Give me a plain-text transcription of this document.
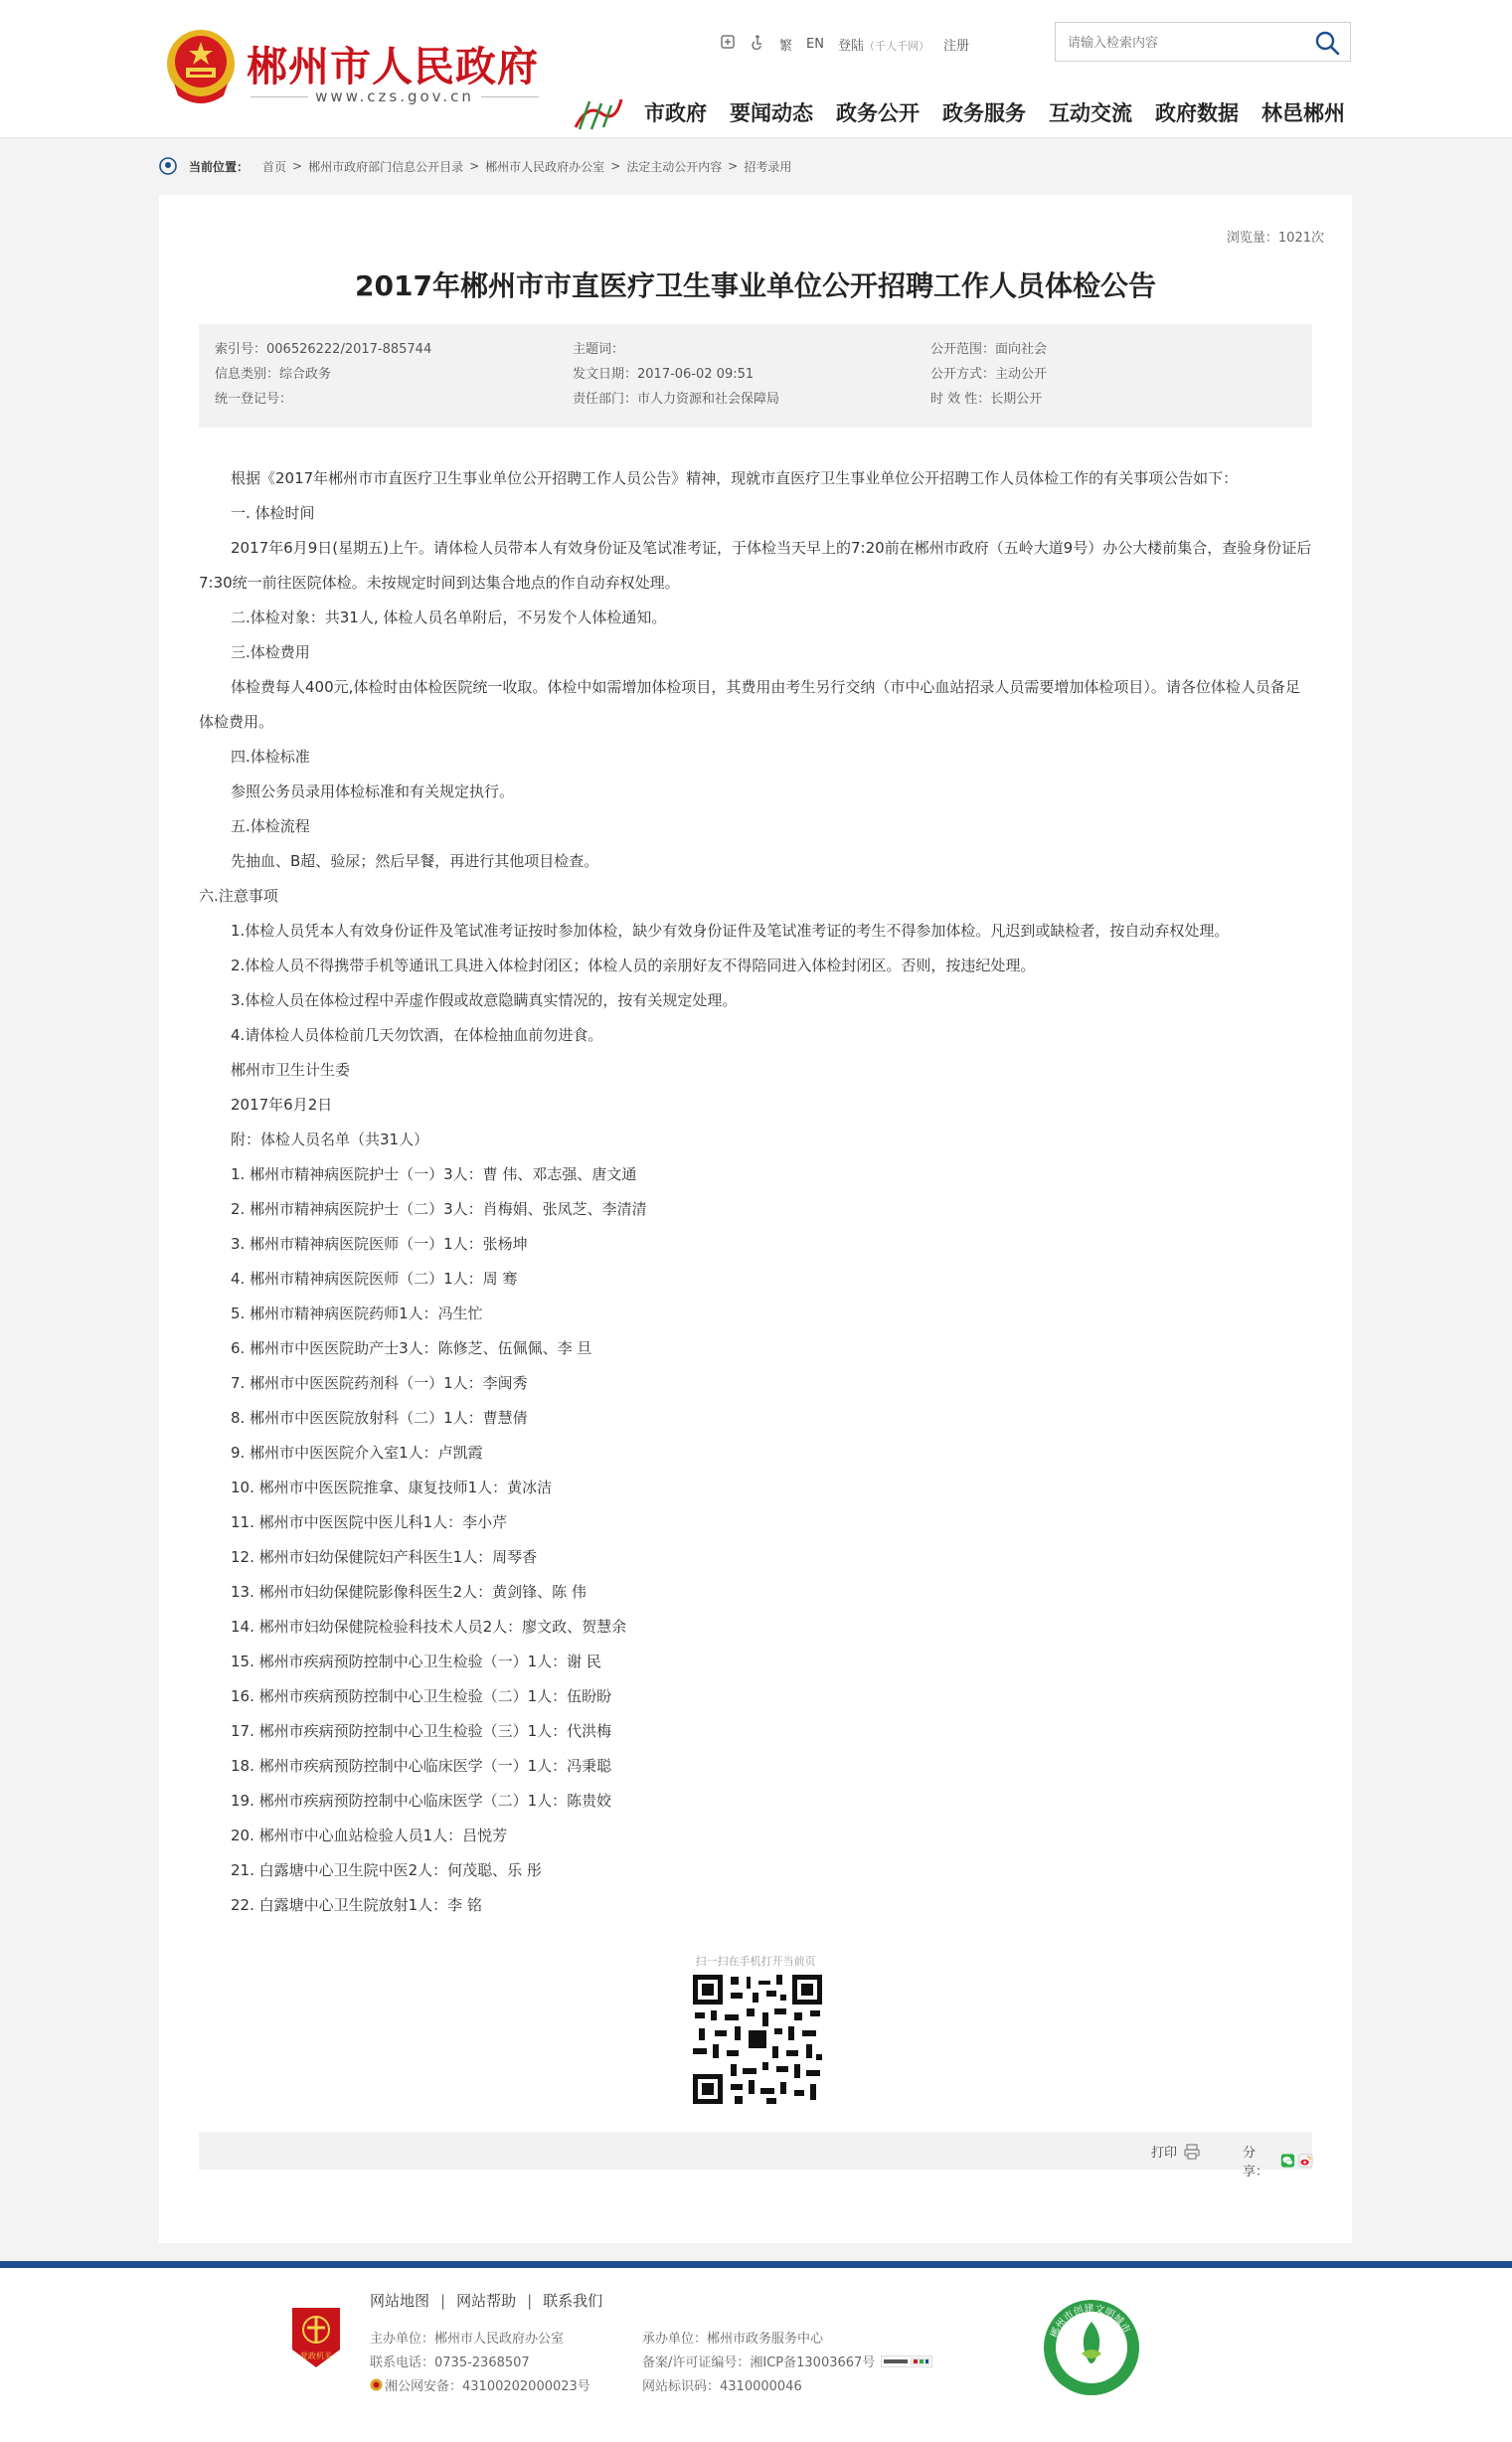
郴州市人民政府
www.czs.gov.cn
繁 EN 登陆（千人千网） 注册
请输入检索内容
市政府 要闻动态 政务公开 政务服务 互动交流 政府数据 林邑郴州
当前位置： 首页 > 郴州市政府部门信息公开目录 > 郴州市人民政府办公室 > 法定主动公开内容 > 招考录用
浏览量：1021次
2017年郴州市市直医疗卫生事业单位公开招聘工作人员体检公告
索引号：006526222/2017-885744
信息类别：综合政务
统一登记号：
主题词：
发文日期：2017-06-02 09:51
责任部门：市人力资源和社会保障局
公开范围：面向社会
公开方式：主动公开
时 效 性：长期公开

根据《2017年郴州市市直医疗卫生事业单位公开招聘工作人员公告》精神，现就市直医疗卫生事业单位公开招聘工作人员体检工作的有关事项公告如下：

一. 体检时间

2017年6月9日(星期五)上午。请体检人员带本人有效身份证及笔试准考证，于体检当天早上的7:20前在郴州市政府（五岭大道9号）办公大楼前集合，查验身份证后7:30统一前往医院体检。未按规定时间到达集合地点的作自动弃权处理。

二.体检对象：共31人, 体检人员名单附后，不另发个人体检通知。

三.体检费用

体检费每人400元,体检时由体检医院统一收取。体检中如需增加体检项目，其费用由考生另行交纳（市中心血站招录人员需要增加体检项目）。请各位体检人员备足体检费用。

四.体检标准

参照公务员录用体检标准和有关规定执行。

五.体检流程

先抽血、B超、验尿；然后早餐，再进行其他项目检查。

六.注意事项

1.体检人员凭本人有效身份证件及笔试准考证按时参加体检，缺少有效身份证件及笔试准考证的考生不得参加体检。凡迟到或缺检者，按自动弃权处理。

2.体检人员不得携带手机等通讯工具进入体检封闭区；体检人员的亲朋好友不得陪同进入体检封闭区。否则，按违纪处理。

3.体检人员在体检过程中弄虚作假或故意隐瞒真实情况的，按有关规定处理。

4.请体检人员体检前几天勿饮酒，在体检抽血前勿进食。

郴州市卫生计生委

2017年6月2日

附：体检人员名单（共31人）

1. 郴州市精神病医院护士（一）3人：曹 伟、邓志强、唐文通

2. 郴州市精神病医院护士（二）3人：肖梅娟、张凤芝、李清清

3. 郴州市精神病医院医师（一）1人：张杨坤

4. 郴州市精神病医院医师（二）1人：周 骞

5. 郴州市精神病医院药师1人：冯生忙

6. 郴州市中医医院助产士3人：陈修芝、伍佩佩、李 旦

7. 郴州市中医医院药剂科（一）1人：李闽秀

8. 郴州市中医医院放射科（二）1人：曹慧倩

9. 郴州市中医医院介入室1人：卢凯霞

10. 郴州市中医医院推拿、康复技师1人：黄冰洁

11. 郴州市中医医院中医儿科1人：李小芹

12. 郴州市妇幼保健院妇产科医生1人：周琴香

13. 郴州市妇幼保健院影像科医生2人：黄剑锋、陈 伟

14. 郴州市妇幼保健院检验科技术人员2人：廖文政、贺慧余

15. 郴州市疾病预防控制中心卫生检验（一）1人：谢 民

16. 郴州市疾病预防控制中心卫生检验（二）1人：伍盼盼

17. 郴州市疾病预防控制中心卫生检验（三）1人：代洪梅

18. 郴州市疾病预防控制中心临床医学（一）1人：冯秉聪

19. 郴州市疾病预防控制中心临床医学（二）1人：陈贵姣

20. 郴州市中心血站检验人员1人：吕悦芳

21. 白露塘中心卫生院中医2人：何茂聪、乐 彤

22. 白露塘中心卫生院放射1人：李 铭

扫一扫在手机打开当前页
打印	分享：
党政机关
网站地图 | 网站帮助 | 联系我们
主办单位：郴州市人民政府办公室
联系电话：0735-2368507
湘公网安备：43100202000023号
承办单位：郴州市政务服务中心
备案/许可证编号：湘ICP备13003667号
网站标识码：4310000046
郴州市创建文明城市
